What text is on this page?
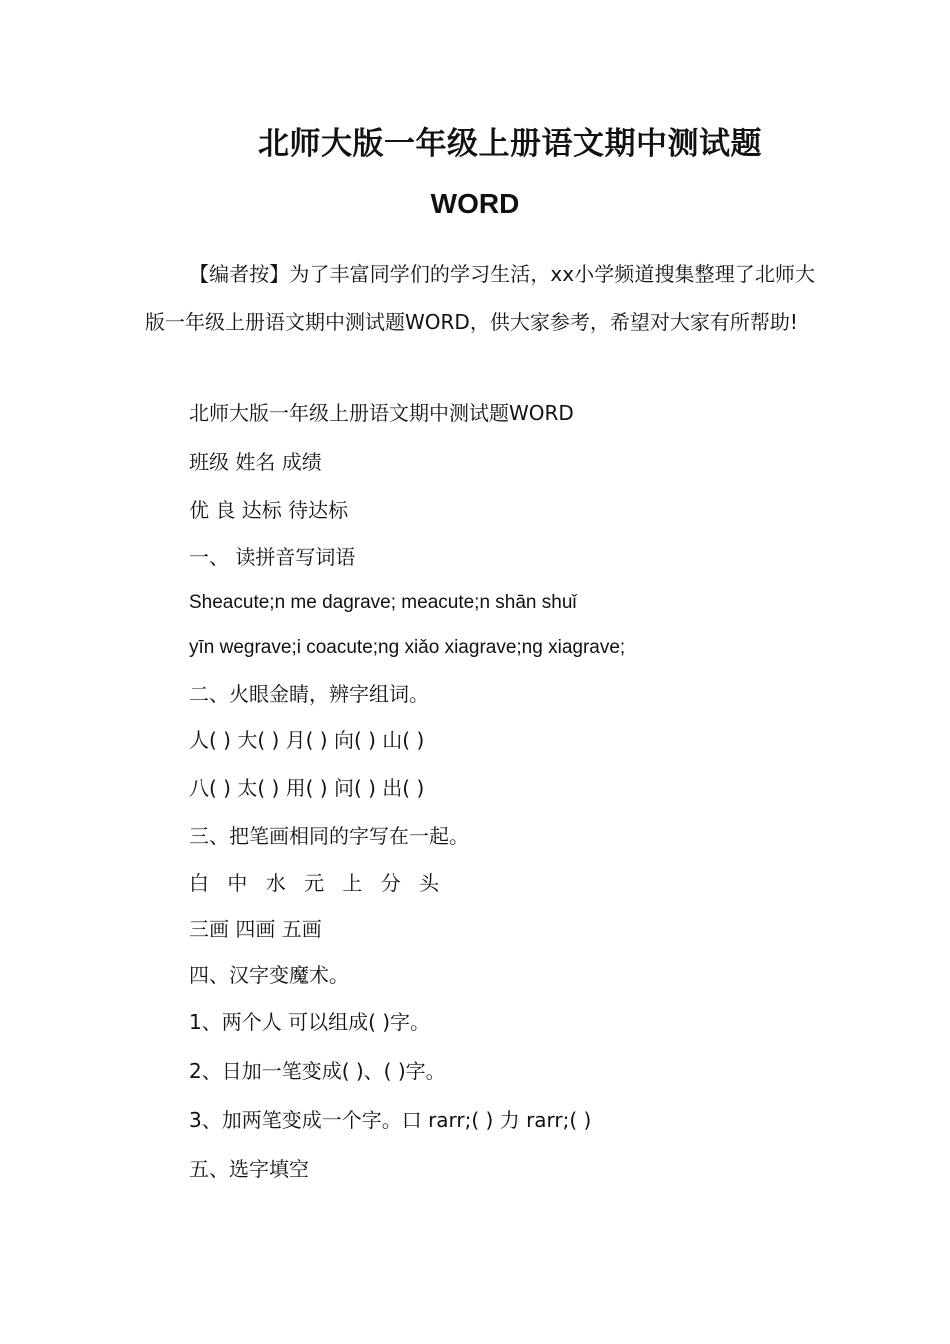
北师大版一年级上册语文期中测试题
WORD
【编者按】为了丰富同学们的学习生活，xx小学频道搜集整理了北师大版一年级上册语文期中测试题WORD，供大家参考，希望对大家有所帮助!
北师大版一年级上册语文期中测试题WORD
班级 姓名 成绩
优 良 达标 待达标
一、 读拼音写词语
Sheacute;n me dagrave; meacute;n shān shuǐ
yīn wegrave;i coacute;ng xiǎo xiagrave;ng xiagrave;
二、火眼金睛，辨字组词。
人( ) 大( ) 月( ) 向( ) 山( )
八( ) 太( ) 用( ) 问( ) 出( )
三、把笔画相同的字写在一起。
白 中 水 元 上 分 头
三画 四画 五画
四、汉字变魔术。
1、两个人 可以组成( )字。
2、日加一笔变成( )、( )字。
3、加两笔变成一个字。口 rarr;( ) 力 rarr;( )
五、选字填空
